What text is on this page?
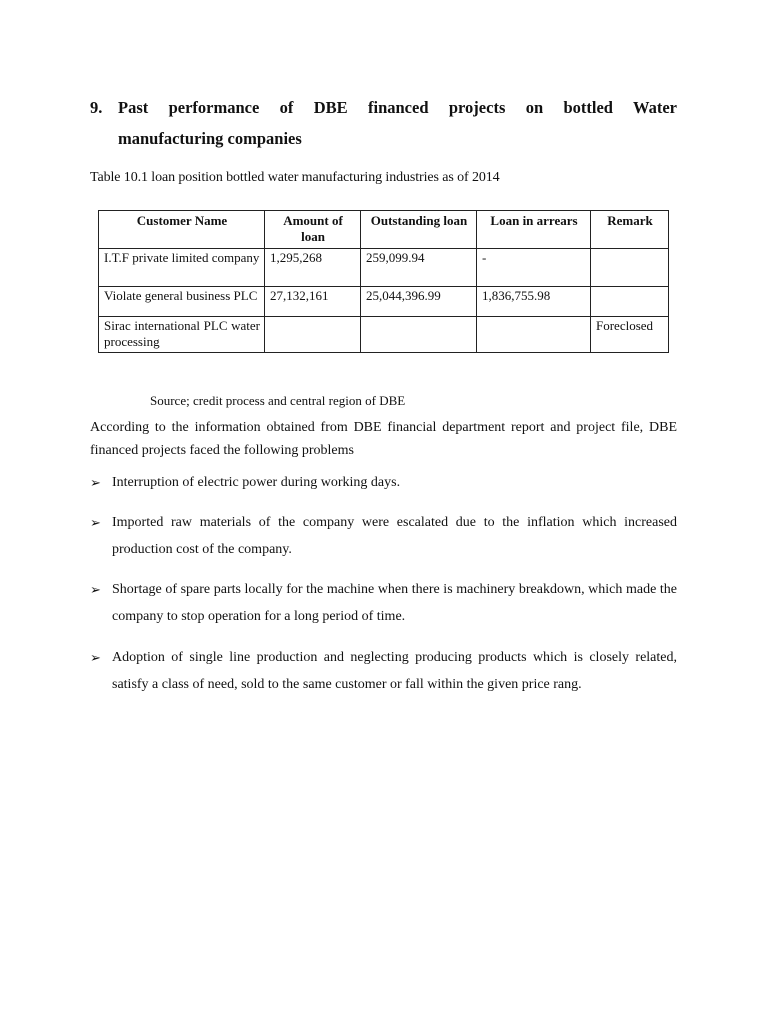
9. Past performance of DBE financed projects on bottled Water
manufacturing companies
Table 10.1 loan position bottled water manufacturing industries as of 2014
Customer Name	Amount of loan	Outstanding loan	Loan in arrears	Remark
I.T.F private limited company	1,295,268	259,099.94	-	
Violate general business PLC	27,132,161	25,044,396.99	1,836,755.98	
Sirac international PLC water processing				Foreclosed
Source; credit process and central region of DBE
According to the information obtained from DBE financial department report and project file, DBE financed projects faced the following problems
➢ Interruption of electric power during working days.
➢ Imported raw materials of the company were escalated due to the inflation which increased production cost of the company.
➢ Shortage of spare parts locally for the machine when there is machinery breakdown, which made the company to stop operation for a long period of time.
➢ Adoption of single line production and neglecting producing products which is closely related, satisfy a class of need, sold to the same customer or fall within the given price rang.
